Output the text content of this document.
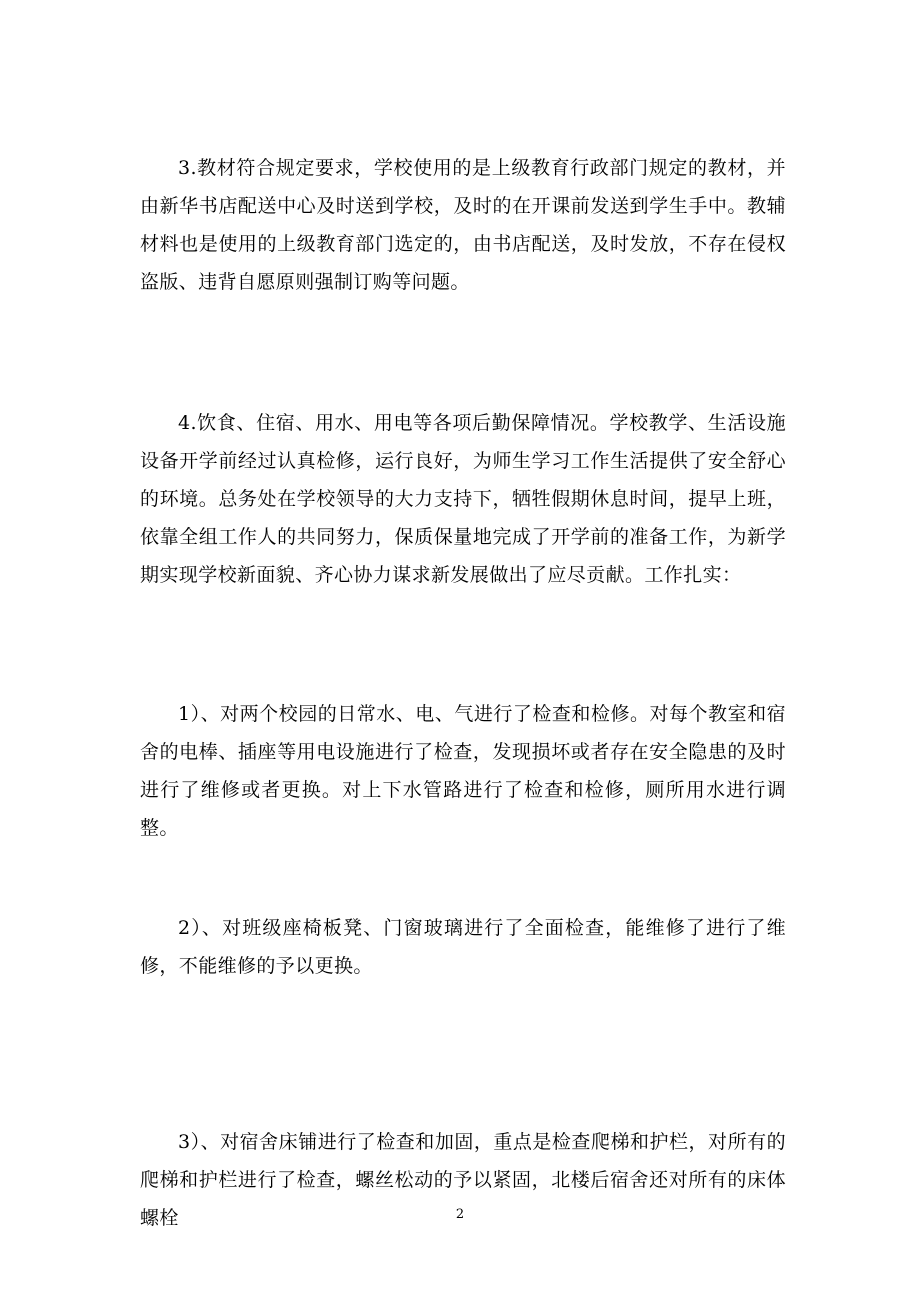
3.教材符合规定要求，学校使用的是上级教育行政部门规定的教材，并由新华书店配送中心及时送到学校，及时的在开课前发送到学生手中。教辅材料也是使用的上级教育部门选定的，由书店配送，及时发放，不存在侵权盗版、违背自愿原则强制订购等问题。

4.饮食、住宿、用水、用电等各项后勤保障情况。学校教学、生活设施设备开学前经过认真检修，运行良好，为师生学习工作生活提供了安全舒心的环境。总务处在学校领导的大力支持下，牺牲假期休息时间，提早上班，依靠全组工作人的共同努力，保质保量地完成了开学前的准备工作，为新学期实现学校新面貌、齐心协力谋求新发展做出了应尽贡献。工作扎实：

1）、对两个校园的日常水、电、气进行了检查和检修。对每个教室和宿舍的电棒、插座等用电设施进行了检查，发现损坏或者存在安全隐患的及时进行了维修或者更换。对上下水管路进行了检查和检修，厕所用水进行调整。

2）、对班级座椅板凳、门窗玻璃进行了全面检查，能维修了进行了维修，不能维修的予以更换。

3）、对宿舍床铺进行了检查和加固，重点是检查爬梯和护栏，对所有的爬梯和护栏进行了检查，螺丝松动的予以紧固，北楼后宿舍还对所有的床体螺栓	2
